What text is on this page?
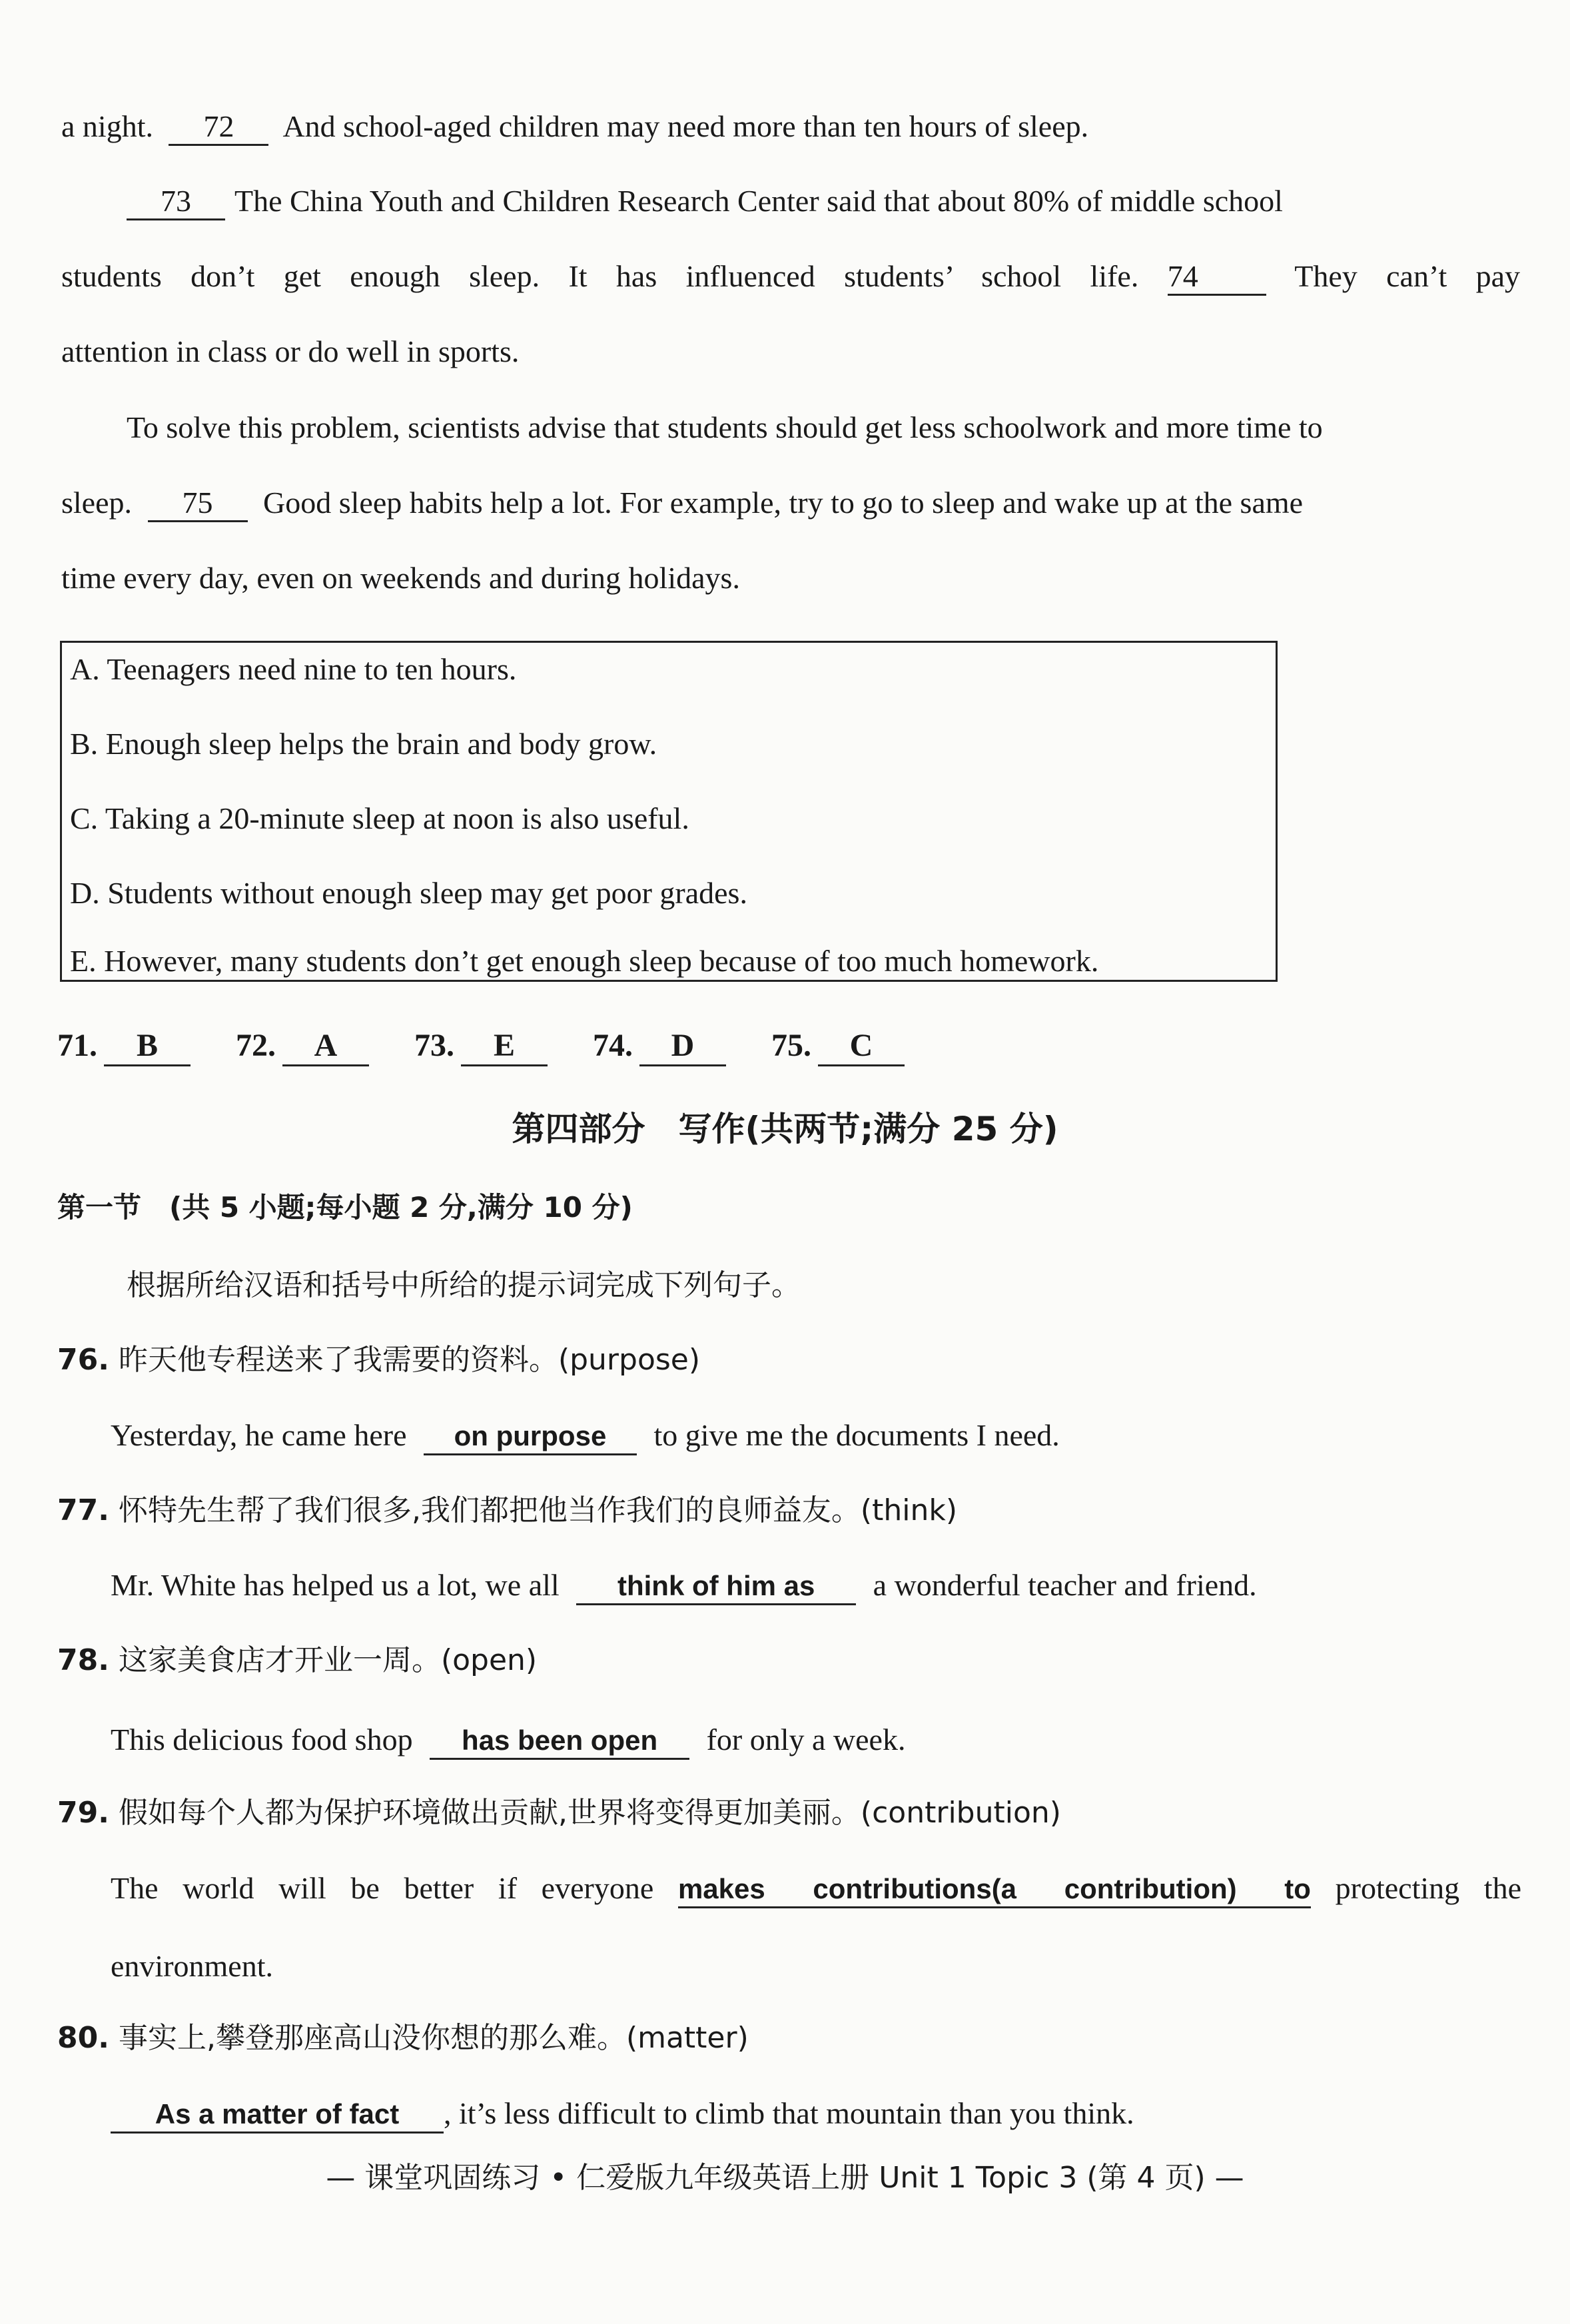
a night. 72 And school-aged children may need more than ten hours of sleep.
73 The China Youth and Children Research Center said that about 80% of middle school
students don’t get enough sleep. It has influenced students’ school life. 74	They can’t pay
attention in class or do well in sports.
To solve this problem, scientists advise that students should get less schoolwork and more time to
sleep. 75 Good sleep habits help a lot. For example, try to go to sleep and wake up at the same
time every day, even on weekends and during holidays.
A. Teenagers need nine to ten hours.
B. Enough sleep helps the brain and body grow.
C. Taking a 20-minute sleep at noon is also useful.
D. Students without enough sleep may get poor grades.
E. However, many students don’t get enough sleep because of too much homework.
71. B 72. A 73. E 74. D 75. C
第四部分　写作(共两节;满分 25 分)
第一节　(共 5 小题;每小题 2 分,满分 10 分)
根据所给汉语和括号中所给的提示词完成下列句子。
76. 昨天他专程送来了我需要的资料。(purpose)
Yesterday, he came here on purpose to give me the documents I need.
77. 怀特先生帮了我们很多,我们都把他当作我们的良师益友。(think)
Mr. White has helped us a lot, we all think of him as a wonderful teacher and friend.
78. 这家美食店才开业一周。(open)
This delicious food shop has been open for only a week.
79. 假如每个人都为保护环境做出贡献,世界将变得更加美丽。(contribution)
The world will be better if everyone makes contributions(a contribution) to protecting the
environment.
80. 事实上,攀登那座高山没你想的那么难。(matter)
As a matter of fact , it’s less difficult to climb that mountain than you think.
— 课堂巩固练习 • 仁爱版九年级英语上册 Unit 1 Topic 3 (第 4 页) —
